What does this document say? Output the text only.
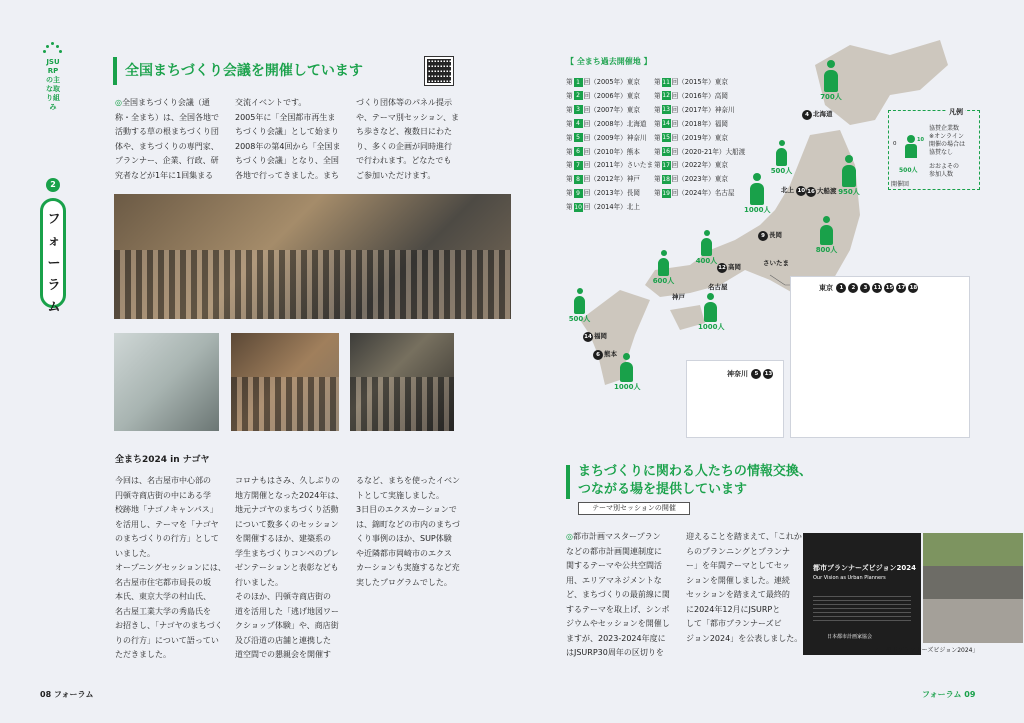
JSURPの主な取り組み
2
フォーラム
全国まちづくり会議を開催しています
◎全国まちづくり会議（通
称・全まち）は、全国各地で
活動する草の根まちづくり団
体や、まちづくりの専門家、
プランナー、企業、行政、研
究者などが1年に1回集まる
交流イベントです。
2005年に「全国都市再生ま
ちづくり会議」として始まり
2008年の第4回から「全国ま
ちづくり会議」となり、全国
各地で行ってきました。まち
づくり団体等のパネル提示
や、テーマ別セッション、ま
ち歩きなど、複数日にわた
り、多くの企画が同時進行
で行われます。どなたでも
ご参加いただけます。
全まち2024 in ナゴヤ
今回は、名古屋市中心部の
円頓寺商店街の中にある学
校跡地「ナゴノキャンパス」
を活用し、テーマを「ナゴヤ
のまちづくりの行方」として
いました。
オープニングセッションには、
名古屋市住宅都市局長の坂
本氏、東京大学の村山氏、
名古屋工業大学の秀島氏を
お招きし、「ナゴヤのまちづく
りの行方」について語ってい
ただきました。
コロナもはさみ、久しぶりの
地方開催となった2024年は、
地元ナゴヤのまちづくり活動
について数多くのセッション
を開催するほか、建築系の
学生まちづくりコンペのプレ
ゼンテーションと表彰なども
行いました。
そのほか、円頓寺商店街の
道を活用した「逃げ地図ワー
クショップ体験」や、商店街
及び沿道の店舗と連携した
道空間での懇親会を開催す
るなど、まちを使ったイベン
トとして実施しました。
3日目のエクスカーションで
は、錦町などの市内のまちづ
くり事例のほか、SUP体験
や近隣都市岡崎市のエクス
カーションも実施するなど充
実したプログラムでした。
08 フォーラム
【 全まち過去開催地 】
第 1 回（2005年）東京
第 2 回（2006年）東京
第 3 回（2007年）東京
第 4 回（2008年）北海道
第 5 回（2009年）神奈川
第 6 回（2010年）熊本
第 7 回（2011年）さいたま
第 8 回（2012年）神戸
第 9 回（2013年）長岡
第 10 回（2014年）北上
第 11 回（2015年）東京
第 12 回（2016年）高岡
第 13 回（2017年）神奈川
第 14 回（2018年）福岡
第 15 回（2019年）東京
第 16 回（2020-21年）大船渡
第 17 回（2022年）東京
第 18 回（2023年）東京
第 19 回（2024年）名古屋
凡例
協賛企業数
※オンライン
開催の場合は
協賛なし
おおよその
参加人数
10
0
500人
開催回
700人
500人
950人
1000人
800人
600人
1000人
500人
400人
1000人
4 北海道
北上 10 16 大船渡
9 長岡
12 高岡	さいたま
神戸
名古屋
14 福岡
6 熊本
神奈川 5 13
東京 1 2 3 11 15 17 18
まちづくりに関わる人たちの情報交換、
つながる場を提供しています
テーマ別セッションの開催
◎都市計画マスタープラン
などの都市計画関連制度に
関するテーマや公共空間活
用、エリアマネジメントな
ど、まちづくりの最前線に関
するテーマを取上げ、シンポ
ジウムやセッションを開催し
ますが、2023-2024年度に
はJSURP30周年の区切りを
迎えることを踏まえて、「これか
らのプランニングとプランナ
ー」を年間テーマとしてセッ
ションを開催しました。連続
セッションを踏まえて最終的
に2024年12月にJSURPと
して「都市プランナーズビ
ジョン2024」を公表しました。
都市プランナーズビジョン2024
Our Vision as Urban Planners
日本都市計画家協会
▲「都市プランナーズビジョン2024」
フォーラム 09
